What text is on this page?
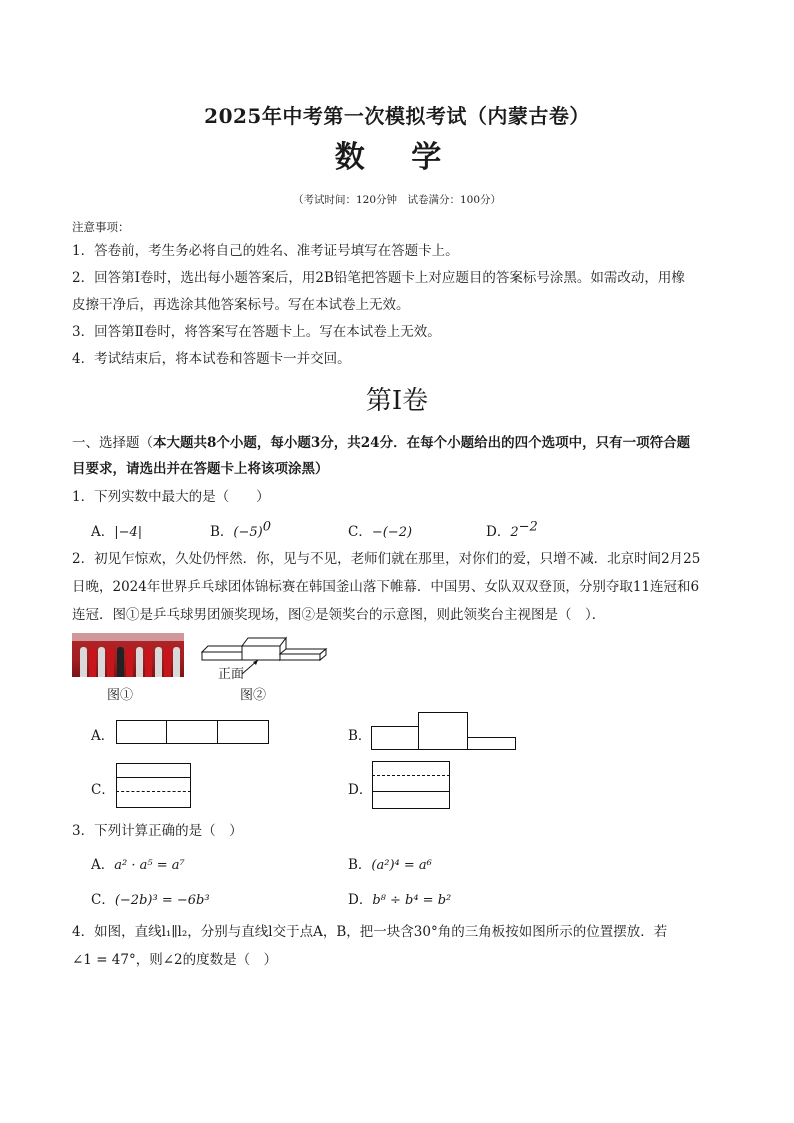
2025年中考第一次模拟考试（内蒙古卷）
数 学
（考试时间：120分钟　试卷满分：100分）
注意事项：
1．答卷前，考生务必将自己的姓名、准考证号填写在答题卡上。
2．回答第Ⅰ卷时，选出每小题答案后，用2B铅笔把答题卡上对应题目的答案标号涂黑。如需改动，用橡
皮擦干净后，再选涂其他答案标号。写在本试卷上无效。
3．回答第Ⅱ卷时，将答案写在答题卡上。写在本试卷上无效。
4．考试结束后，将本试卷和答题卡一并交回。
第Ⅰ卷
一、选择题（本大题共8个小题，每小题3分，共24分．在每个小题给出的四个选项中，只有一项符合题
目要求，请选出并在答题卡上将该项涂黑）
1．下列实数中最大的是（　　）
A．|−4|	B．$(-5)^0$	C．−(−2)	D．$2^{-2}$
2．初见乍惊欢，久处仍怦然．你，见与不见，老师们就在那里，对你们的爱，只增不减．北京时间2月25
日晚，2024年世界乒乓球团体锦标赛在韩国釜山落下帷幕．中国男、女队双双登顶，分别夺取11连冠和6
连冠．图①是乒乓球男团颁奖现场，图②是领奖台的示意图，则此领奖台主视图是（　）．
图①
正面
图②
A．	B．
C．	D．
3．下列计算正确的是（　）
A．a² · a⁵ = a⁷	B．(a²)⁴ = a⁶
C．(−2b)³ = −6b³	D．b⁸ ÷ b⁴ = b²
4．如图，直线l₁∥l₂，分别与直线l交于点A，B，把一块含30°角的三角板按如图所示的位置摆放．若
∠1 = 47°，则∠2的度数是（　）
